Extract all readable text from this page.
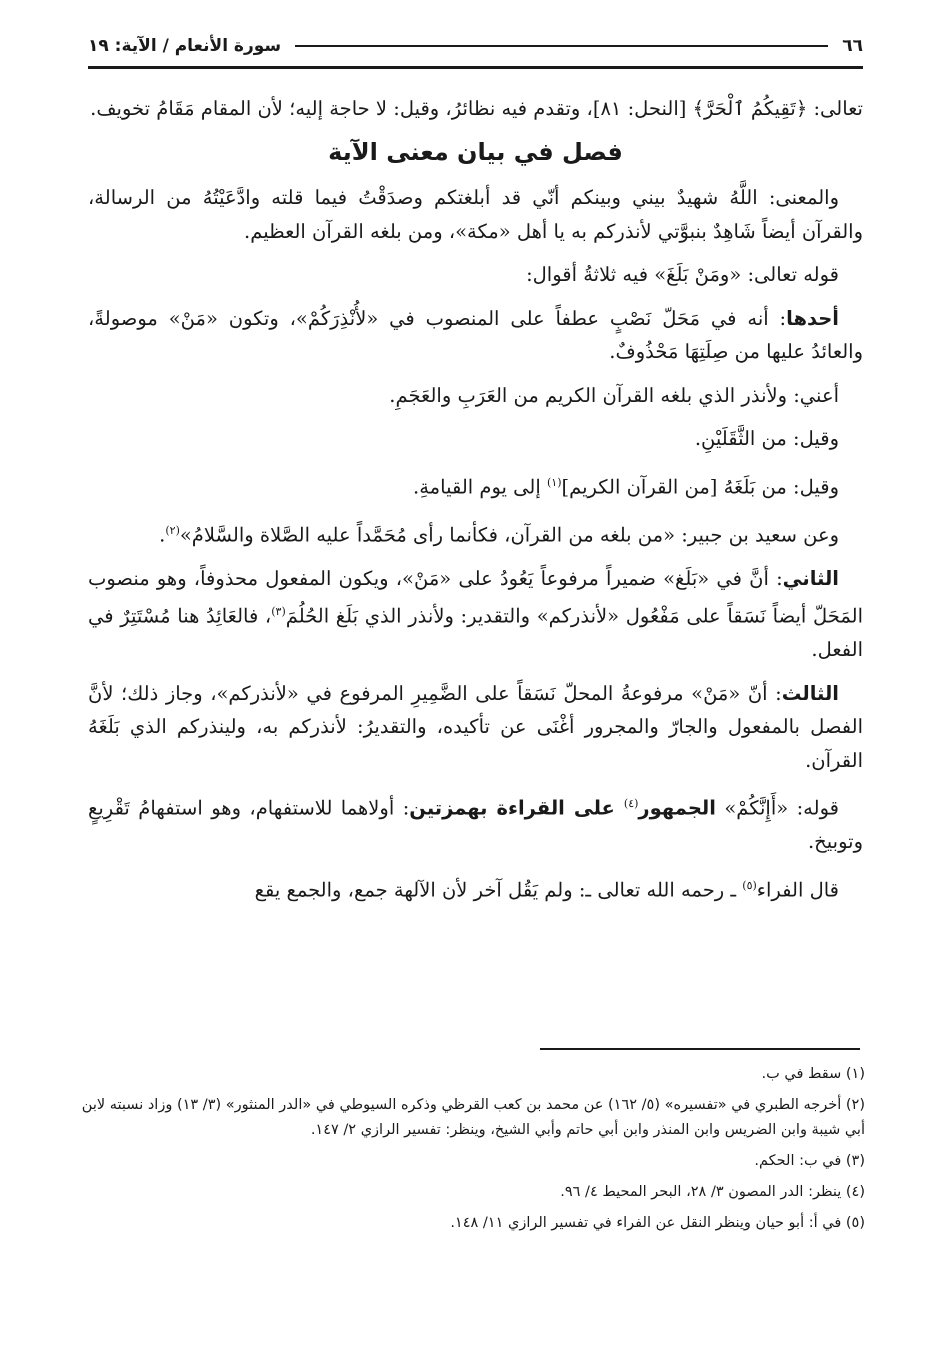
٦٦
سورة الأنعام / الآية: ١٩

تعالى: ﴿تَقِيكُمُ ٱلْحَرَّ﴾ [النحل: ٨١]، وتقدم فيه نظائرُ، وقيل: لا حاجة إليه؛ لأن المقام مَقَامُ تخويف.

فصل في بيان معنى الآية

والمعنى: اللَّهُ شهيدٌ بيني وبينكم أنّي قد أبلغتكم وصدَقْتُ فيما قلته وادَّعَيْتُهُ من الرسالة، والقرآن أيضاً شَاهِدٌ بنبوَّتي لأنذركم به يا أهل «مكة»، ومن بلغه القرآن العظيم.

قوله تعالى: «ومَنْ بَلَغَ» فيه ثلاثةُ أقوال:

أحدها: أنه في مَحَلّ نَصْبٍ عطفاً على المنصوب في «لأُنْذِرَكُمْ»، وتكون «مَنْ» موصولةً، والعائدُ عليها من صِلَتِهَا مَحْذُوفٌ.

أعني: ولأنذر الذي بلغه القرآن الكريم من العَرَبِ والعَجَمِ.

وقيل: من الثَّقَلَيْنِ.

وقيل: من بَلَغَهُ [من القرآن الكريم]$^{(١)}$ إلى يوم القيامةِ.

وعن سعيد بن جبير: «من بلغه من القرآن، فكأنما رأى مُحَمَّداً عليه الصَّلاة والسَّلامُ»$^{(٢)}$.

الثاني: أنَّ في «بَلَغ» ضميراً مرفوعاً يَعُودُ على «مَنْ»، ويكون المفعول محذوفاً، وهو منصوب المَحَلّ أيضاً نَسَقاً على مَفْعُول «لأنذركم» والتقدير: ولأنذر الذي بَلَغ الحُلُمَ$^{(٣)}$، فالعَائِدُ هنا مُسْتَتِرٌ في الفعل.

الثالث: أنّ «مَنْ» مرفوعةُ المحلّ نَسَقاً على الضَّمِيرِ المرفوع في «لأنذركم»، وجاز ذلك؛ لأنَّ الفصل بالمفعول والجارّ والمجرور أغْنَى عن تأكيده، والتقديرُ: لأنذركم به، ولينذركم الذي بَلَغَهُ القرآن.

قوله: «أَإِنَّكُمْ» الجمهور$^{(٤)}$ على القراءة بهمزتين: أولاهما للاستفهام، وهو استفهامُ تَقْرِيعٍ وتوبيخ.

قال الفراء$^{(٥)}$ ـ رحمه الله تعالى ـ: ولم يَقُل آخر لأن الآلهة جمع، والجمع يقع

(١) سقط في ب.

(٢) أخرجه الطبري في «تفسيره» (٥/ ١٦٢) عن محمد بن كعب القرظي وذكره السيوطي في «الدر المنثور» (٣/ ١٣) وزاد نسبته لابن أبي شيبة وابن الضريس وابن المنذر وابن أبي حاتم وأبي الشيخ، وينظر: تفسير الرازي ٢/ ١٤٧.

(٣) في ب: الحكم.

(٤) ينظر: الدر المصون ٣/ ٢٨، البحر المحيط ٤/ ٩٦.

(٥) في أ: أبو حيان وينظر النقل عن الفراء في تفسير الرازي ١١/ ١٤٨.
